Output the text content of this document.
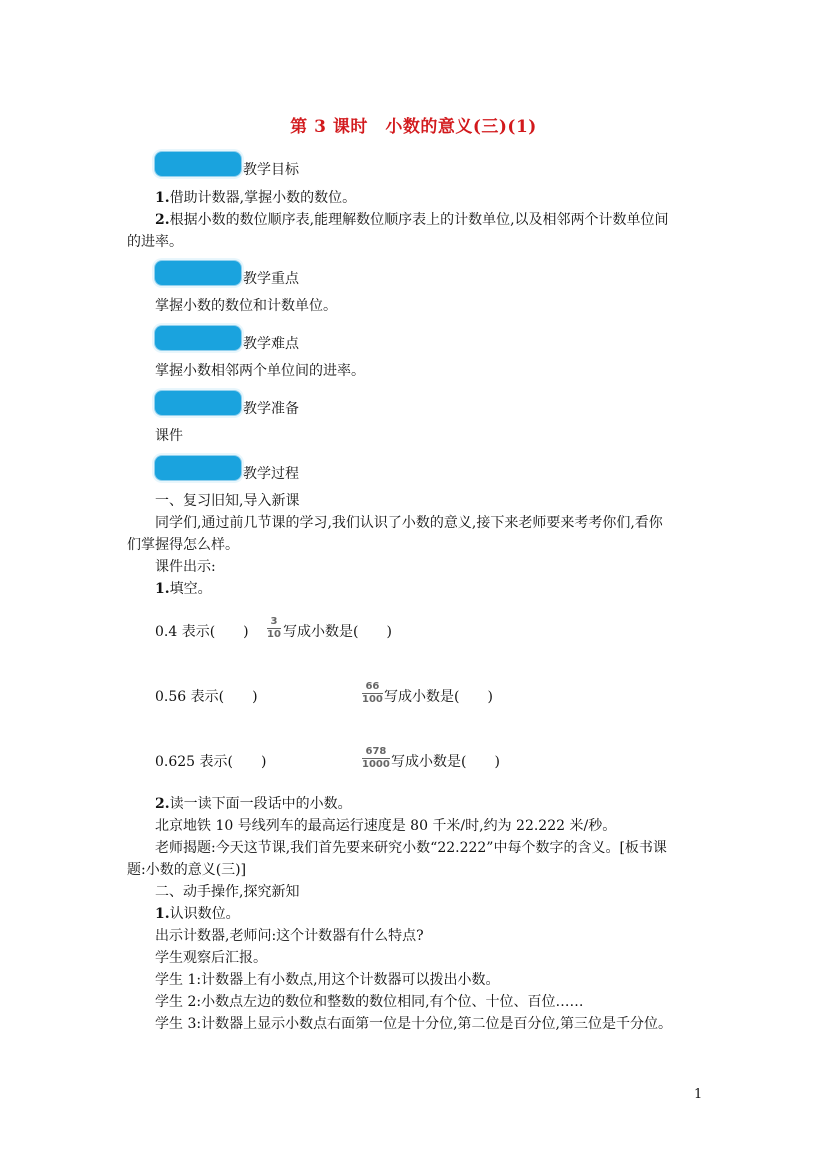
第 3 课时　小数的意义(三)(1)
教学目标
1.借助计数器,掌握小数的数位。
2.根据小数的数位顺序表,能理解数位顺序表上的计数单位,以及相邻两个计数单位间
的进率。
教学重点
掌握小数的数位和计数单位。
教学难点
掌握小数相邻两个单位间的进率。
教学准备
课件
教学过程
一、复习旧知,导入新课
同学们,通过前几节课的学习,我们认识了小数的意义,接下来老师要来考考你们,看你
们掌握得怎么样。
课件出示:
1.填空。
0.4 表示(　　)
3
10 写成小数是(　　)
0.56 表示(　　)
66
100 写成小数是(　　)
0.625 表示(　　)
678
1000 写成小数是(　　)
2.读一读下面一段话中的小数。
北京地铁 10 号线列车的最高运行速度是 80 千米/时,约为 22.222 米/秒。
老师揭题:今天这节课,我们首先要来研究小数“22.222”中每个数字的含义。[板书课
题:小数的意义(三)]
二、动手操作,探究新知
1.认识数位。
出示计数器,老师问:这个计数器有什么特点?
学生观察后汇报。
学生 1:计数器上有小数点,用这个计数器可以拨出小数。
学生 2:小数点左边的数位和整数的数位相同,有个位、十位、百位……
学生 3:计数器上显示小数点右面第一位是十分位,第二位是百分位,第三位是千分位。
1
